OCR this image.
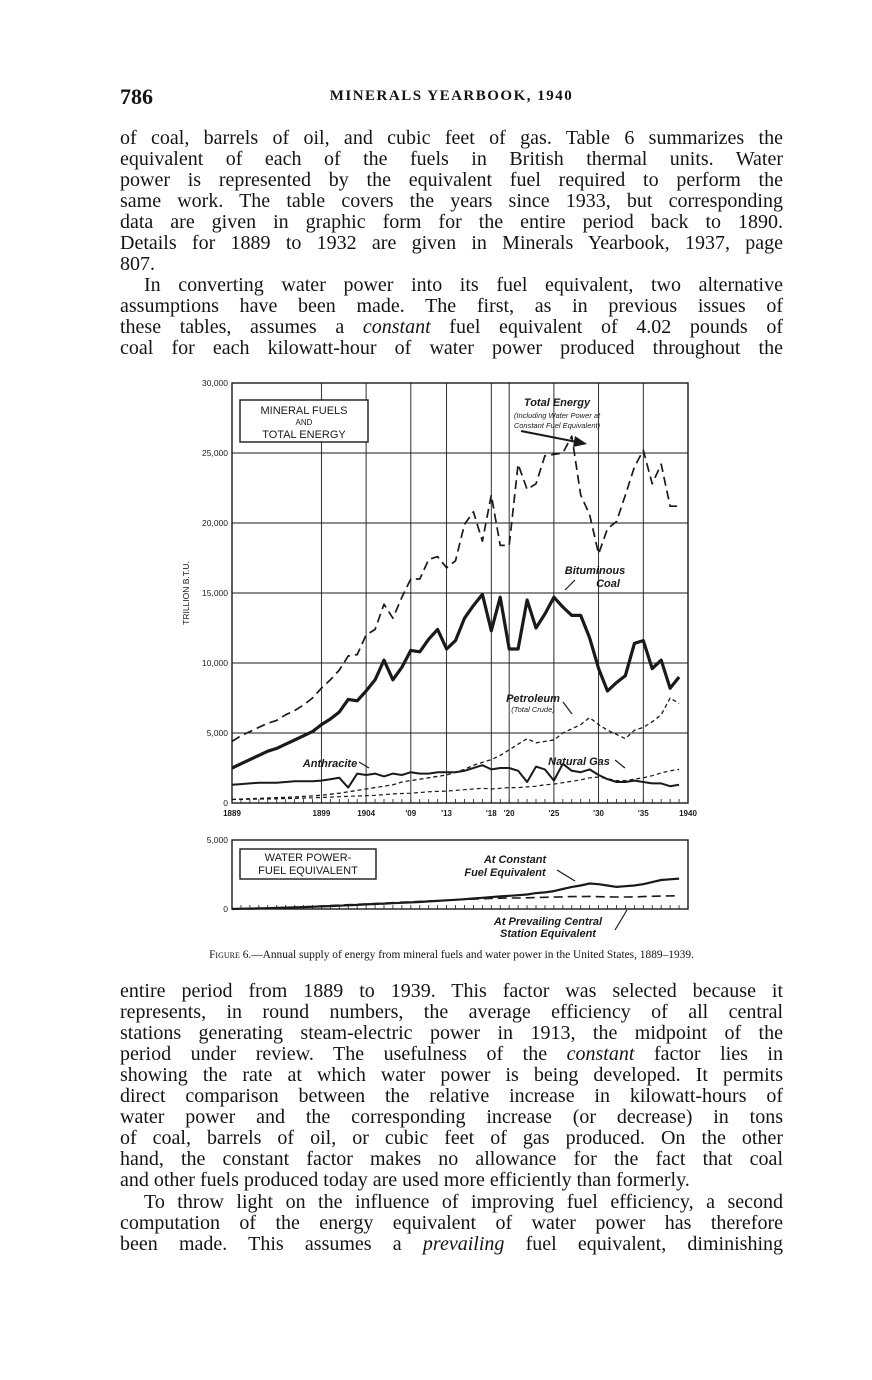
786	MINERALS YEARBOOK, 1940
of coal, barrels of oil, and cubic feet of gas. Table 6 summarizes the
equivalent of each of the fuels in British thermal units. Water
power is represented by the equivalent fuel required to perform the
same work. The table covers the years since 1933, but corresponding
data are given in graphic form for the entire period back to 1890.
Details for 1889 to 1932 are given in Minerals Yearbook, 1937, page
807.
In converting water power into its fuel equivalent, two alternative
assumptions have been made. The first, as in previous issues of
these tables, assumes a constant fuel equivalent of 4.02 pounds of
coal for each kilowatt-hour of water power produced throughout the
30,000
25,000
20,000
15,000
10,000
5,000
0
1889	1899	1904	'09	'13	'18 '20	'25	'30	'35	1940
TRILLION B.T.U.
MINERAL FUELS
AND
TOTAL ENERGY
Total Energy
(Including Water Power at
Constant Fuel Equivalent)
Bituminous
Coal
Petroleum
(Total Crude)
Anthracite	Natural Gas
5,000
0
WATER POWER-
FUEL EQUIVALENT
At Constant
Fuel Equivalent
At Prevailing Central
Station Equivalent
Figure 6.—Annual supply of energy from mineral fuels and water power in the United States, 1889–1939.
entire period from 1889 to 1939. This factor was selected because it
represents, in round numbers, the average efficiency of all central
stations generating steam-electric power in 1913, the midpoint of the
period under review. The usefulness of the constant factor lies in
showing the rate at which water power is being developed. It permits
direct comparison between the relative increase in kilowatt-hours of
water power and the corresponding increase (or decrease) in tons
of coal, barrels of oil, or cubic feet of gas produced. On the other
hand, the constant factor makes no allowance for the fact that coal
and other fuels produced today are used more efficiently than formerly.
To throw light on the influence of improving fuel efficiency, a second
computation of the energy equivalent of water power has therefore
been made. This assumes a prevailing fuel equivalent, diminishing
